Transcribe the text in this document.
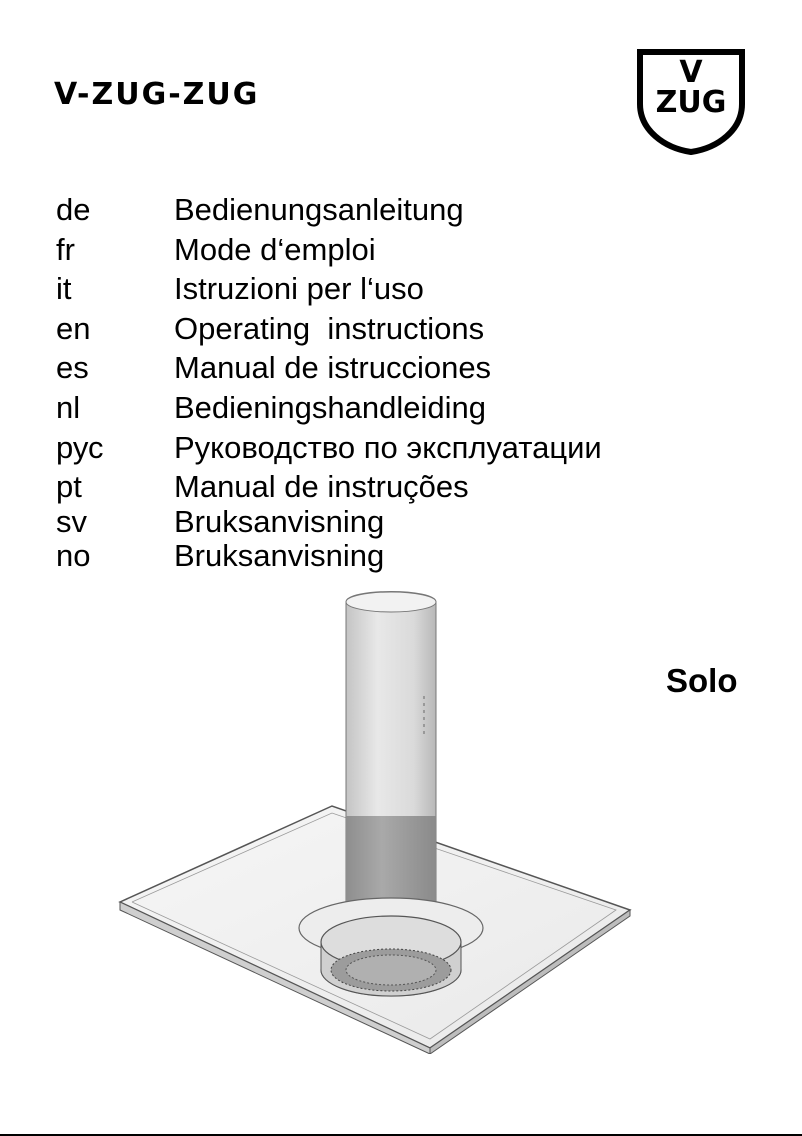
V-ZUG-ZUG
V
ZUG
de	Bedienungsanleitung
fr	Mode d‘emploi
it	Istruzioni per l‘uso
en	Operating  instructions
es	Manual de istrucciones
nl	Bedieningshandleiding
рус Руководство по эксплуатации
pt	Manual de instruções
sv	Bruksanvisning
no	Bruksanvisning
Solo
